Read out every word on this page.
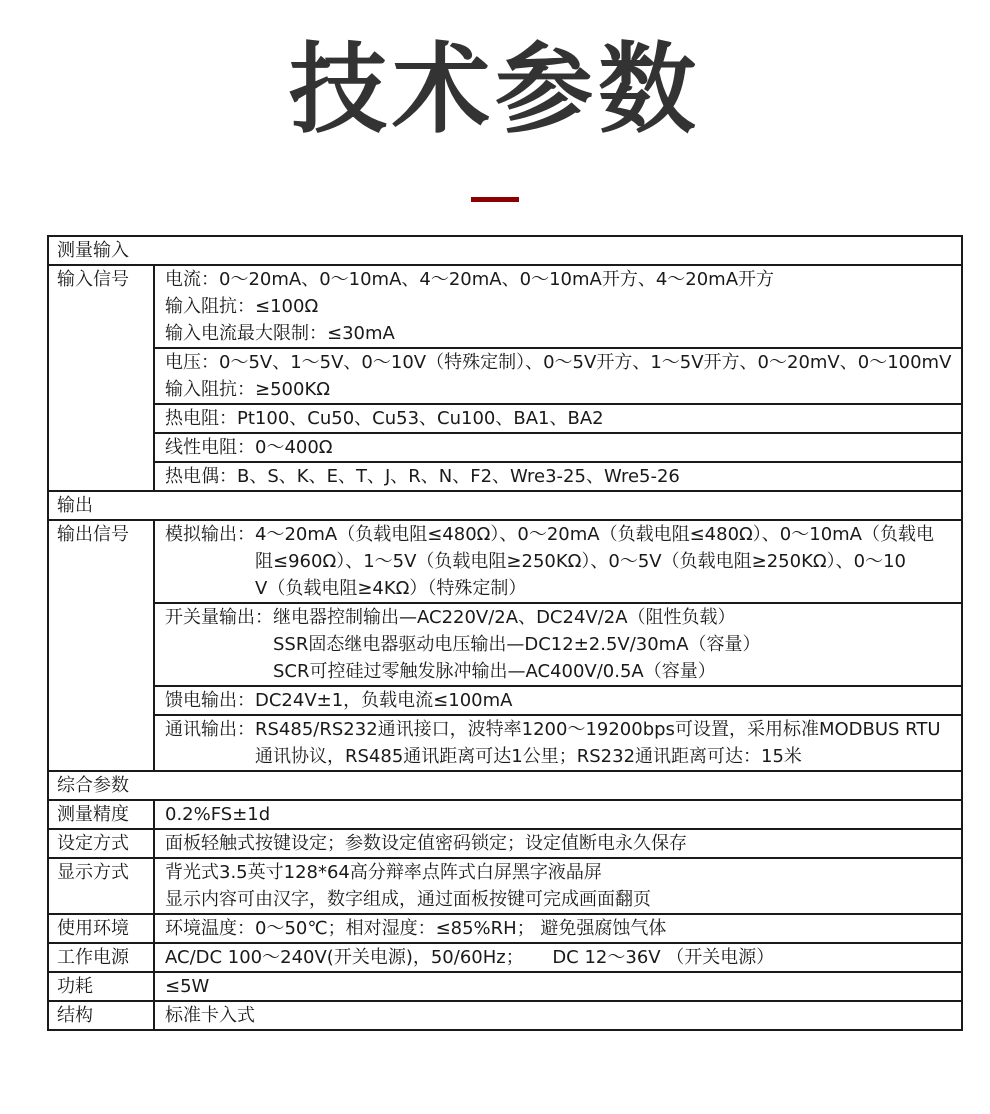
技术参数
测量输入
输入信号	电流：0～20mA、0～10mA、4～20mA、0～10mA开方、4～20mA开方
输入阻抗：≤100Ω
输入电流最大限制：≤30mA
电压：0～5V、1～5V、0～10V（特殊定制）、0～5V开方、1～5V开方、0～20mV、0～100mV
输入阻抗：≥500KΩ
热电阻：Pt100、Cu50、Cu53、Cu100、BA1、BA2
线性电阻：0～400Ω
热电偶：B、S、K、E、T、J、R、N、F2、Wre3-25、Wre5-26
输出
输出信号	模拟输出：4～20mA（负载电阻≤480Ω）、0～20mA（负载电阻≤480Ω）、0～10mA（负载电
阻≤960Ω）、1～5V（负载电阻≥250KΩ）、0～5V（负载电阻≥250KΩ）、0～10
V（负载电阻≥4KΩ）（特殊定制）
开关量输出：继电器控制输出—AC220V/2A、DC24V/2A（阻性负载）
SSR固态继电器驱动电压输出—DC12±2.5V/30mA（容量）
SCR可控硅过零触发脉冲输出—AC400V/0.5A（容量）
馈电输出：DC24V±1，负载电流≤100mA
通讯输出：RS485/RS232通讯接口，波特率1200～19200bps可设置，采用标准MODBUS RTU
通讯协议，RS485通讯距离可达1公里；RS232通讯距离可达：15米
综合参数
测量精度	0.2%FS±1d
设定方式	面板轻触式按键设定；参数设定值密码锁定；设定值断电永久保存
显示方式	背光式3.5英寸128*64高分辩率点阵式白屏黑字液晶屏
显示内容可由汉字，数字组成，通过面板按键可完成画面翻页
使用环境	环境温度：0～50℃；相对湿度：≤85%RH； 避免强腐蚀气体
工作电源	AC/DC 100～240V(开关电源)，50/60Hz；     DC 12～36V （开关电源）
功耗	≤5W
结构	标准卡入式
